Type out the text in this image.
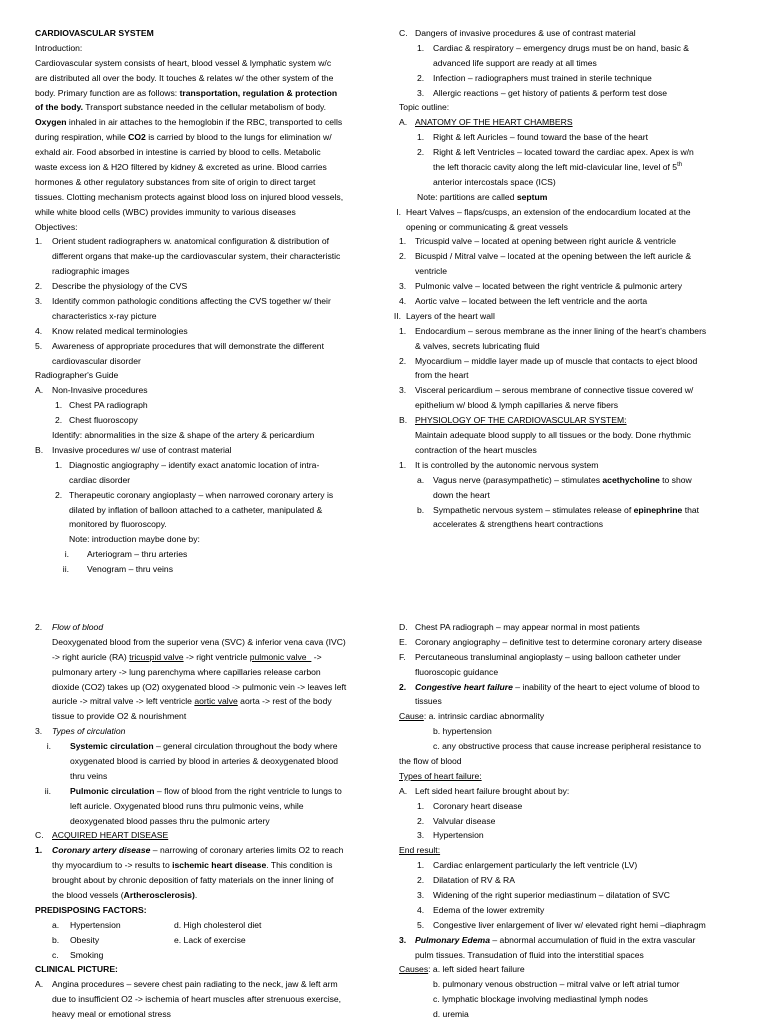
CARDIOVASCULAR SYSTEM
Introduction:
Cardiovascular system consists of heart, blood vessel & lymphatic system w/c
are distributed all over the body. It touches & relates w/ the other system of the
body. Primary function are as follows: transportation, regulation & protection
of the body. Transport substance needed in the cellular metabolism of body.
Oxygen inhaled in air attaches to the hemoglobin if the RBC, transported to cells
during respiration, while CO2 is carried by blood to the lungs for elimination w/
exhald air. Food absorbed in intestine is carried by blood to cells. Metabolic
waste excess ion & H2O filtered by kidney & excreted as urine. Blood carries
hormones & other regulatory substances from site of origin to direct target
tissues. Clotting mechanism protects against blood loss on injured blood vessels,
while white blood cells (WBC) provides immunity to various diseases
Objectives:
1. Orient student radiographers w. anatomical configuration & distribution of
different organs that make-up the cardiovascular system, their characteristic
radiographic images
2. Describe the physiology of the CVS
3. Identify common pathologic conditions affecting the CVS together w/ their
characteristics x-ray picture
4. Know related medical terminologies
5. Awareness of appropriate procedures that will demonstrate the different
cardiovascular disorder
Radiographer's Guide
A. Non-Invasive procedures
1. Chest PA radiograph
2. Chest fluoroscopy
Identify: abnormalities in the size & shape of the artery & pericardium
B. Invasive procedures w/ use of contrast material
1. Diagnostic angiography – identify exact anatomic location of intra-
cardiac disorder
2. Therapeutic coronary angioplasty – when narrowed coronary artery is
dilated by inflation of balloon attached to a catheter, manipulated &
monitored by fluoroscopy.
Note: introduction maybe done by:
i. Arteriogram – thru arteries
ii. Venogram – thru veins
C. Dangers of invasive procedures & use of contrast material
1. Cardiac & respiratory – emergency drugs must be on hand, basic &
advanced life support are ready at all times
2. Infection – radiographers must trained in sterile technique
3. Allergic reactions – get history of patients & perform test dose
Topic outline:
A. ANATOMY OF THE HEART CHAMBERS
1. Right & left Auricles – found toward the base of the heart
2. Right & left Ventricles – located toward the cardiac apex. Apex is w/n
the left thoracic cavity along the left mid-clavicular line, level of 5th
anterior intercostals space (ICS)
Note: partitions are called septum
I. Heart Valves – flaps/cusps, an extension of the endocardium located at the
opening or communicating & great vessels
1. Tricuspid valve – located at opening between right auricle & ventricle
2. Bicuspid / Mitral valve – located at the opening between the left auricle &
ventricle
3. Pulmonic valve – located between the right ventricle & pulmonic artery
4. Aortic valve – located between the left ventricle and the aorta
II. Layers of the heart wall
1. Endocardium – serous membrane as the inner lining of the heart’s chambers
& valves, secrets lubricating fluid
2. Myocardium – middle layer made up of muscle that contacts to eject blood
from the heart
3. Visceral pericardium – serous membrane of connective tissue covered w/
epithelium w/ blood & lymph capillaries & nerve fibers
B. PHYSIOLOGY OF THE CARDIOVASCULAR SYSTEM:
Maintain adequate blood supply to all tissues or the body. Done rhythmic
contraction of the heart muscles
1. It is controlled by the autonomic nervous system
a. Vagus nerve (parasympathetic) – stimulates acethycholine to show
down the heart
b. Sympathetic nervous system – stimulates release of epinephrine that
accelerates & strengthens heart contractions
2. Flow of blood
Deoxygenated blood from the superior vena (SVC) & inferior vena cava (IVC)
-> right auricle (RA) tricuspid valve -> right ventricle pulmonic valve   ->
pulmonary artery -> lung parenchyma where capillaries release carbon
dioxide (CO2) takes up (O2) oxygenated blood -> pulmonic vein -> leaves left
auricle -> mitral valve -> left ventricle aortic valve aorta -> rest of the body
tissue to provide O2 & nourishment
3. Types of circulation
i. Systemic circulation – general circulation throughout the body where
oxygenated blood is carried by blood in arteries & deoxygenated blood
thru veins
ii. Pulmonic circulation – flow of blood from the right ventricle to lungs to
left auricle. Oxygenated blood runs thru pulmonic veins, while
deoxygenated blood passes thru the pulmonic artery
C. ACQUIRED HEART DISEASE
1. Coronary artery disease – narrowing of coronary arteries limits O2 to reach
thy myocardium to -> results to ischemic heart disease. This condition is
brought about by chronic deposition of fatty materials on the inner lining of
the blood vessels (Artherosclerosis).
PREDISPOSING FACTORS:
a. Hypertension	d. High cholesterol diet
b. Obesity	e. Lack of exercise
c. Smoking
CLINICAL PICTURE:
A. Angina procedures – severe chest pain radiating to the neck, jaw & left arm
due to insufficient O2 -> ischemia of heart muscles after strenuous exercise,
heavy meal or emotional stress
D. Chest PA radiograph – may appear normal in most patients
E. Coronary angiography – definitive test to determine coronary artery disease
F. Percutaneous transluminal angioplasty – using balloon catheter under
fluoroscopic guidance
2. Congestive heart failure – inability of the heart to eject volume of blood to
tissues
Cause: a. intrinsic cardiac abnormality
b. hypertension
c. any obstructive process that cause increase peripheral resistance to
the flow of blood
Types of heart failure:
A. Left sided heart failure brought about by:
1. Coronary heart disease
2. Valvular disease
3. Hypertension
End result:
1. Cardiac enlargement particularly the left ventricle (LV)
2. Dilatation of RV & RA
3. Widening of the right superior mediastinum – dilatation of SVC
4. Edema of the lower extremity
5. Congestive liver enlargement of liver w/ elevated right hemi –diaphragm
3. Pulmonary Edema – abnormal accumulation of fluid in the extra vascular
pulm tissues. Transudation of fluid into the interstitial spaces
Causes: a. left sided heart failure
b. pulmonary venous obstruction – mitral valve or left atrial tumor
c. lymphatic blockage involving mediastinal lymph nodes
d. uremia
